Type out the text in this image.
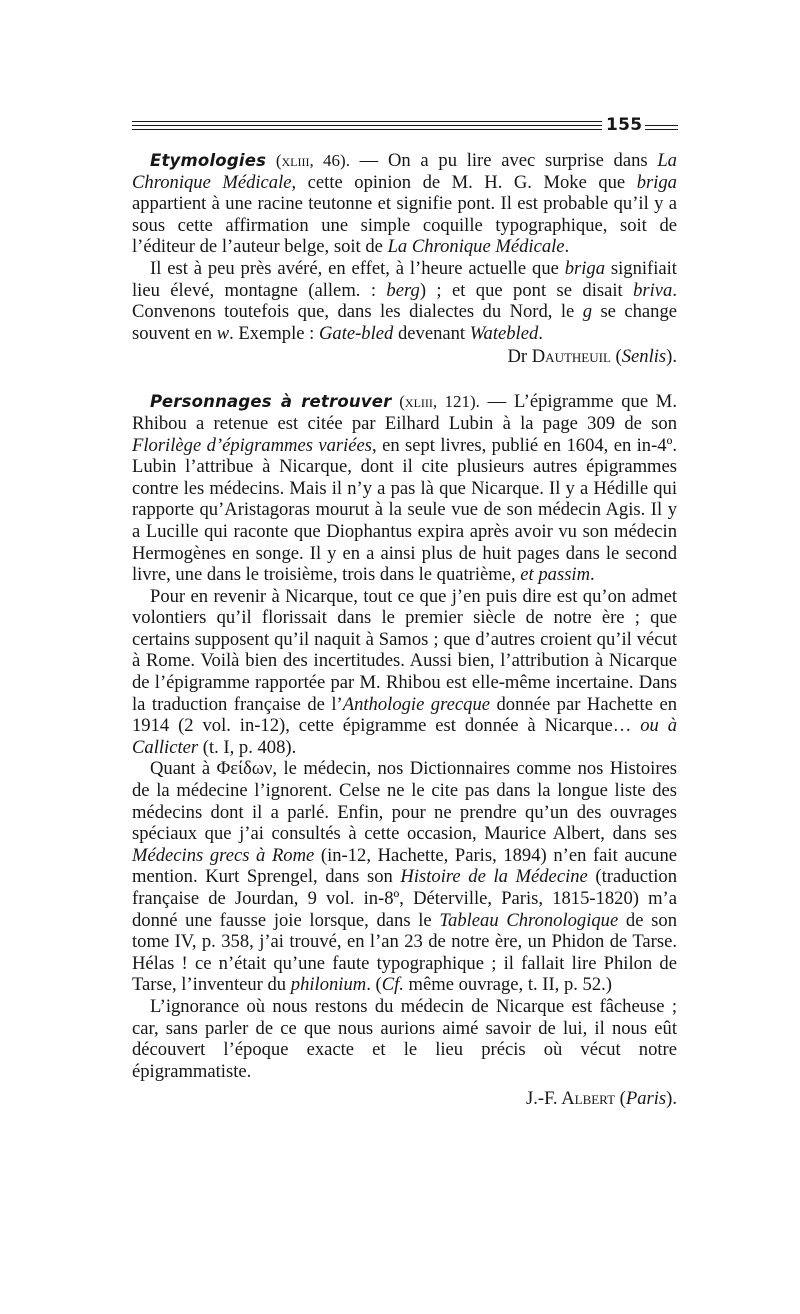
155

Etymologies (xliii, 46). — On a pu lire avec surprise dans La Chronique Médicale, cette opinion de M. H. G. Moke que briga appartient à une racine teutonne et signifie pont. Il est probable qu’il y a sous cette affirmation une simple coquille typographique, soit de l’éditeur de l’auteur belge, soit de La Chronique Médicale.

Il est à peu près avéré, en effet, à l’heure actuelle que briga signifiait lieu élevé, montagne (allem. : berg) ; et que pont se disait briva. Convenons toutefois que, dans les dialectes du Nord, le g se change souvent en w. Exemple : Gate-bled devenant Watebled.

Dr Dautheuil (Senlis).

Personnages à retrouver (xliii, 121). — L’épigramme que M. Rhibou a retenue est citée par Eilhard Lubin à la page 309 de son Florilège d’épigrammes variées, en sept livres, publié en 1604, en in-4º. Lubin l’attribue à Nicarque, dont il cite plusieurs autres épigrammes contre les médecins. Mais il n’y a pas là que Nicarque. Il y a Hédille qui rapporte qu’Aristagoras mourut à la seule vue de son médecin Agis. Il y a Lucille qui raconte que Diophantus expira après avoir vu son médecin Hermogènes en songe. Il y en a ainsi plus de huit pages dans le second livre, une dans le troisième, trois dans le quatrième, et passim.

Pour en revenir à Nicarque, tout ce que j’en puis dire est qu’on admet volontiers qu’il florissait dans le premier siècle de notre ère ; que certains supposent qu’il naquit à Samos ; que d’autres croient qu’il vécut à Rome. Voilà bien des incertitudes. Aussi bien, l’attribution à Nicarque de l’épigramme rapportée par M. Rhibou est elle-même incertaine. Dans la traduction française de l’Anthologie grecque donnée par Hachette en 1914 (2 vol. in-12), cette épigramme est donnée à Nicarque… ou à Callicter (t. I, p. 408).

Quant à Φείδων, le médecin, nos Dictionnaires comme nos Histoires de la médecine l’ignorent. Celse ne le cite pas dans la longue liste des médecins dont il a parlé. Enfin, pour ne prendre qu’un des ouvrages spéciaux que j’ai consultés à cette occasion, Maurice Albert, dans ses Médecins grecs à Rome (in-12, Hachette, Paris, 1894) n’en fait aucune mention. Kurt Sprengel, dans son Histoire de la Médecine (traduction française de Jourdan, 9 vol. in-8º, Déterville, Paris, 1815-1820) m’a donné une fausse joie lorsque, dans le Tableau Chronologique de son tome IV, p. 358, j’ai trouvé, en l’an 23 de notre ère, un Phidon de Tarse. Hélas ! ce n’était qu’une faute typographique ; il fallait lire Philon de Tarse, l’inventeur du philonium. (Cf. même ouvrage, t. II, p. 52.)

L’ignorance où nous restons du médecin de Nicarque est fâcheuse ; car, sans parler de ce que nous aurions aimé savoir de lui, il nous eût découvert l’époque exacte et le lieu précis où vécut notre épigrammatiste.

J.-F. Albert (Paris).
